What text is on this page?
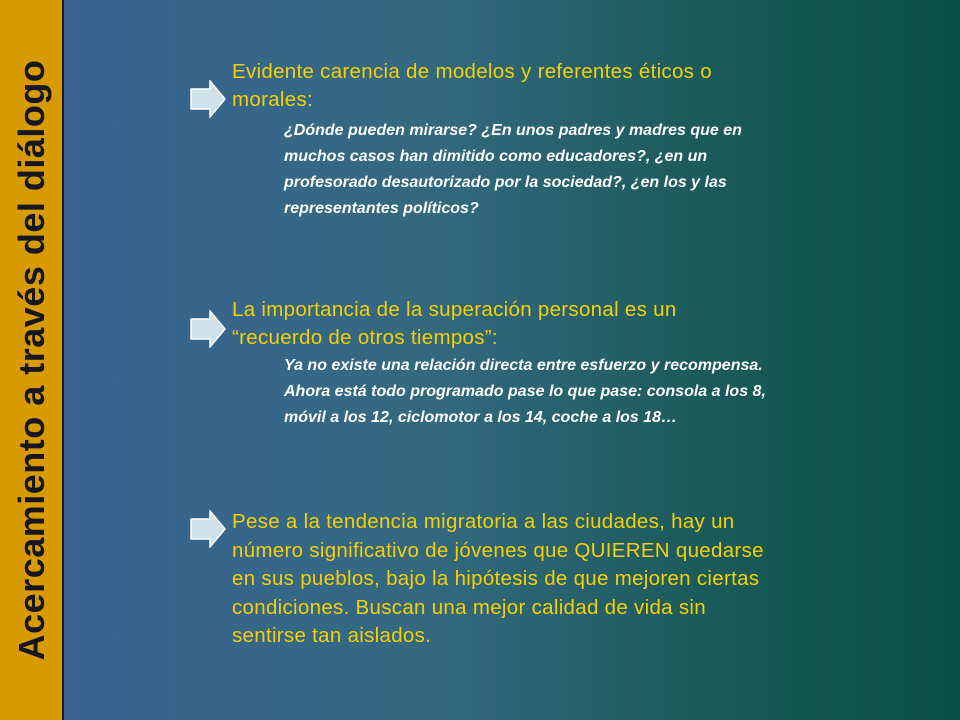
Acercamiento a través del diálogo	Evidente carencia de modelos y referentes éticos o morales:
¿Dónde pueden mirarse? ¿En unos padres y madres que en muchos casos han dimitido como educadores?, ¿en un profesorado desautorizado por la sociedad?, ¿en los y las representantes políticos?
La importancia de la superación personal es un “recuerdo de otros tiempos”:
Ya no existe una relación directa entre esfuerzo y recompensa. Ahora está todo programado pase lo que pase: consola a los 8, móvil a los 12, ciclomotor a los 14, coche a los 18…
Pese a la tendencia migratoria a las ciudades, hay un número significativo de jóvenes que QUIEREN quedarse en sus pueblos, bajo la hipótesis de que mejoren ciertas condiciones. Buscan una mejor calidad de vida sin sentirse tan aislados.
